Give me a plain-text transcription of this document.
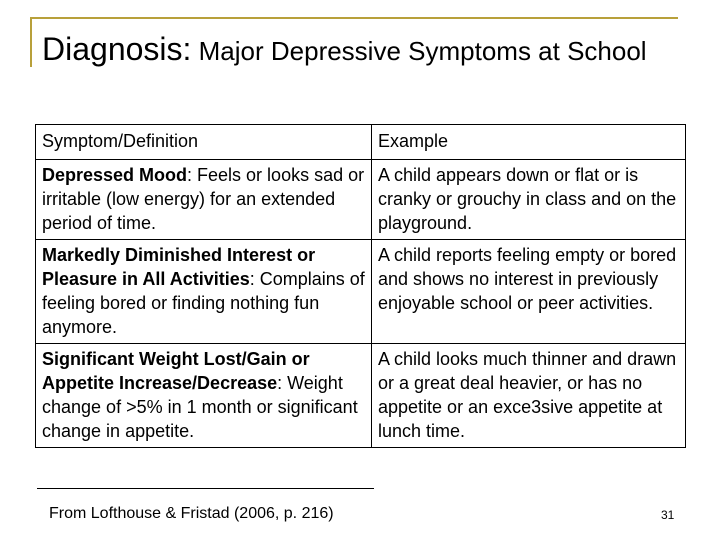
Diagnosis: Major Depressive Symptoms at School
Symptom/Definition	Example
Depressed Mood: Feels or looks sad or irritable (low energy) for an extended period of time.	A child appears down or flat or is cranky or grouchy in class and on the playground.
Markedly Diminished Interest or Pleasure in All Activities: Complains of feeling bored or finding nothing fun anymore.	A child reports feeling empty or bored and shows no interest in previously enjoyable school or peer activities.
Significant Weight Lost/Gain or Appetite Increase/Decrease: Weight change of >5% in 1 month or significant change in appetite.	A child looks much thinner and drawn or a great deal heavier, or has no appetite or an exce3sive appetite at lunch time.
From Lofthouse & Fristad (2006, p. 216)	31
